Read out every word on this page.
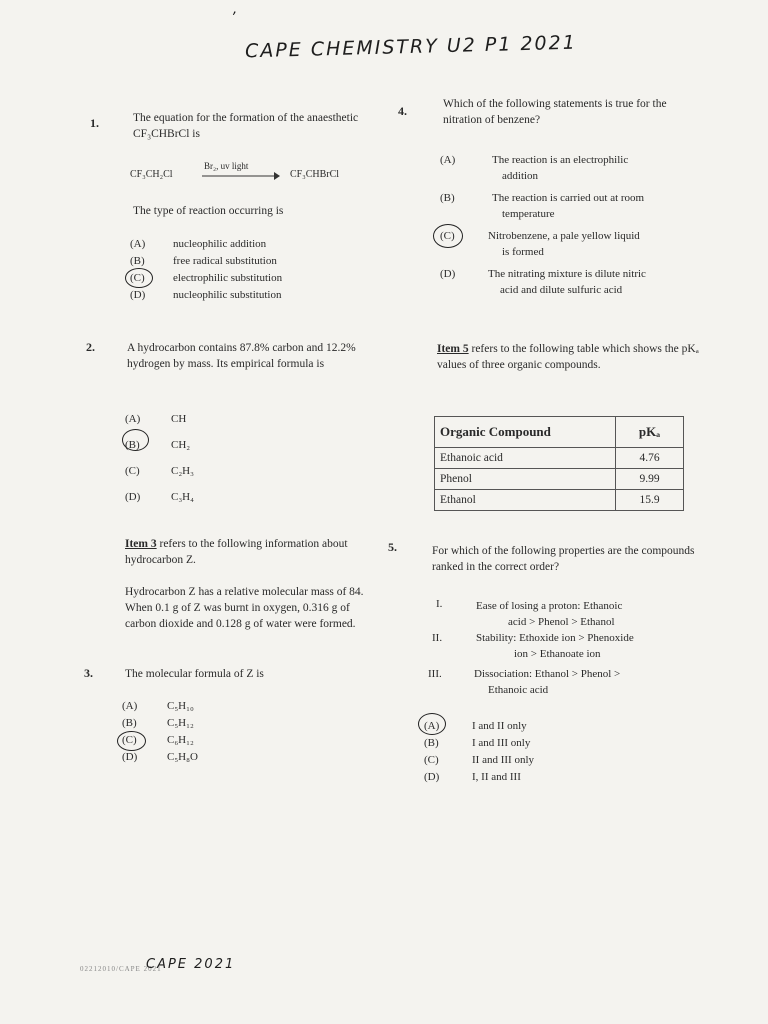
ʼ
CAPE CHEMISTRY U2 P1 2021
1.	The equation for the formation of the anaesthetic CF₃CHBrCl is
CF₃CH₂Cl
Br₂, uv light
CF₃CHBrCl
The type of reaction occurring is
(A)	nucleophilic addition
(B)	free radical substitution
(C)	electrophilic substitution
(D)	nucleophilic substitution
2.	A hydrocarbon contains 87.8% carbon and 12.2% hydrogen by mass. Its empirical formula is
(A)	CH
(B)	CH₂
(C)	C₂H₃
(D)	C₃H₄
Item 3 refers to the following information about hydrocarbon Z.
Hydrocarbon Z has a relative molecular mass of 84. When 0.1 g of Z was burnt in oxygen, 0.316 g of carbon dioxide and 0.128 g of water were formed.
3.	The molecular formula of Z is
(A)	C₅H₁₀
(B)	C₅H₁₂
(C)	C₆H₁₂
(D)	C₅H₈O
4.	Which of the following statements is true for the nitration of benzene?
(A)	The reaction is an electrophilic
addition
(B)	The reaction is carried out at room
temperature
(C)	Nitrobenzene, a pale yellow liquid
is formed
(D)	The nitrating mixture is dilute nitric
acid and dilute sulfuric acid
Item 5 refers to the following table which shows the pKₐ values of three organic compounds.
Organic Compound	pKₐ
Ethanoic acid	4.76
Phenol	9.99
Ethanol	15.9
5.	For which of the following properties are the compounds ranked in the correct order?
I.	Ease of losing a proton: Ethanoic
acid > Phenol > Ethanol
II.	Stability: Ethoxide ion > Phenoxide
ion > Ethanoate ion
III.	Dissociation: Ethanol > Phenol >
Ethanoic acid
(A)	I and II only
(B)	I and III only
(C)	II and III only
(D)	I, II and III
02212010/CAPE 2021
CAPE 2021
